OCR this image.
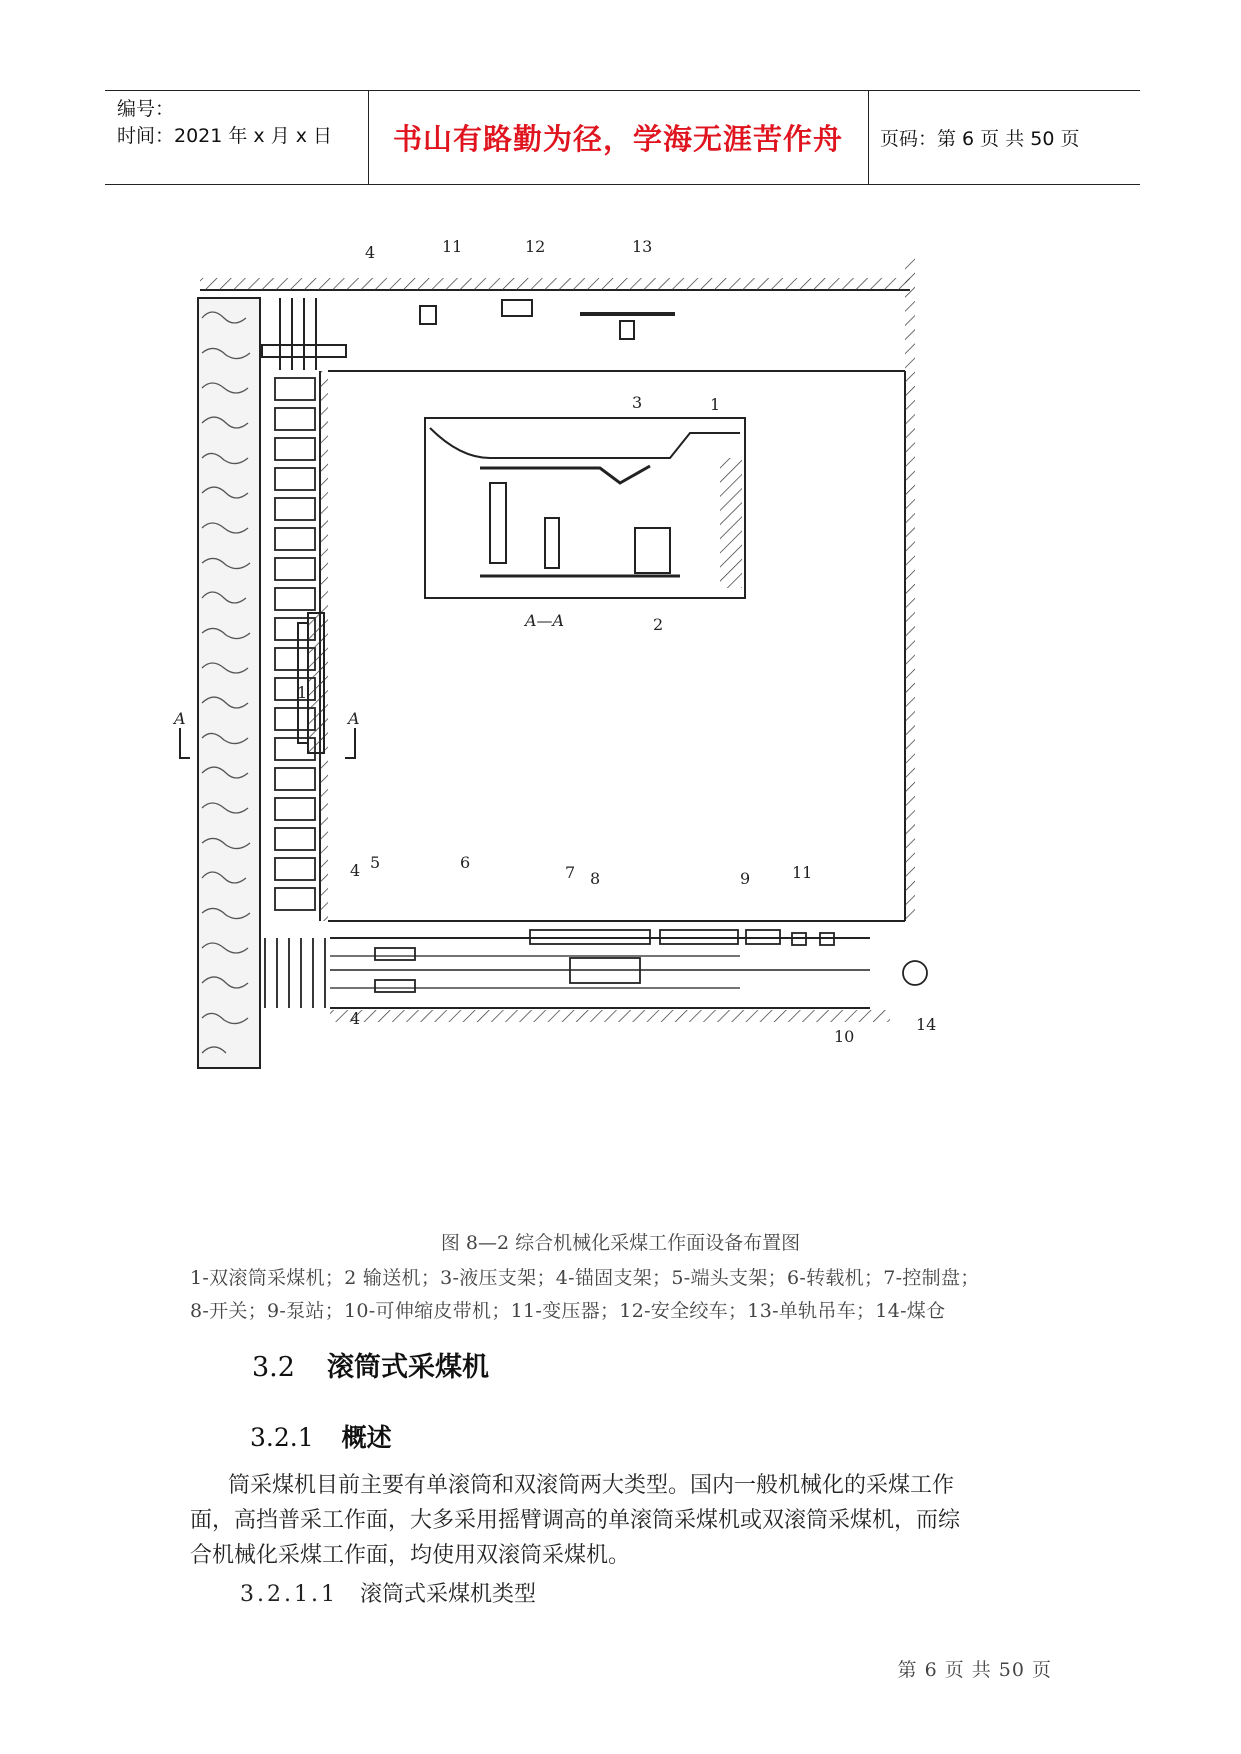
编号：
时间：2021 年 x 月 x 日 书山有路勤为径，学海无涯苦作舟 页码：第 6 页 共 50 页
4	11	12	13
3	1
A—A	2
1
A	A
4 5	6
7 8	9	11
4
10
14
图 8—2 综合机械化采煤工作面设备布置图
1-双滚筒采煤机；2 输送机；3-液压支架；4-锚固支架；5-端头支架；6-转载机；7-控制盘；
8-开关；9-泵站；10-可伸缩皮带机；11-变压器；12-安全绞车；13-单轨吊车；14-煤仓
3.2 滚筒式采煤机
3.2.1 概述
筒采煤机目前主要有单滚筒和双滚筒两大类型。国内一般机械化的采煤工作
面，高挡普采工作面，大多采用摇臂调高的单滚筒采煤机或双滚筒采煤机，而综
合机械化采煤工作面，均使用双滚筒采煤机。
3.2.1.1 滚筒式采煤机类型
第 6 页 共 50 页
